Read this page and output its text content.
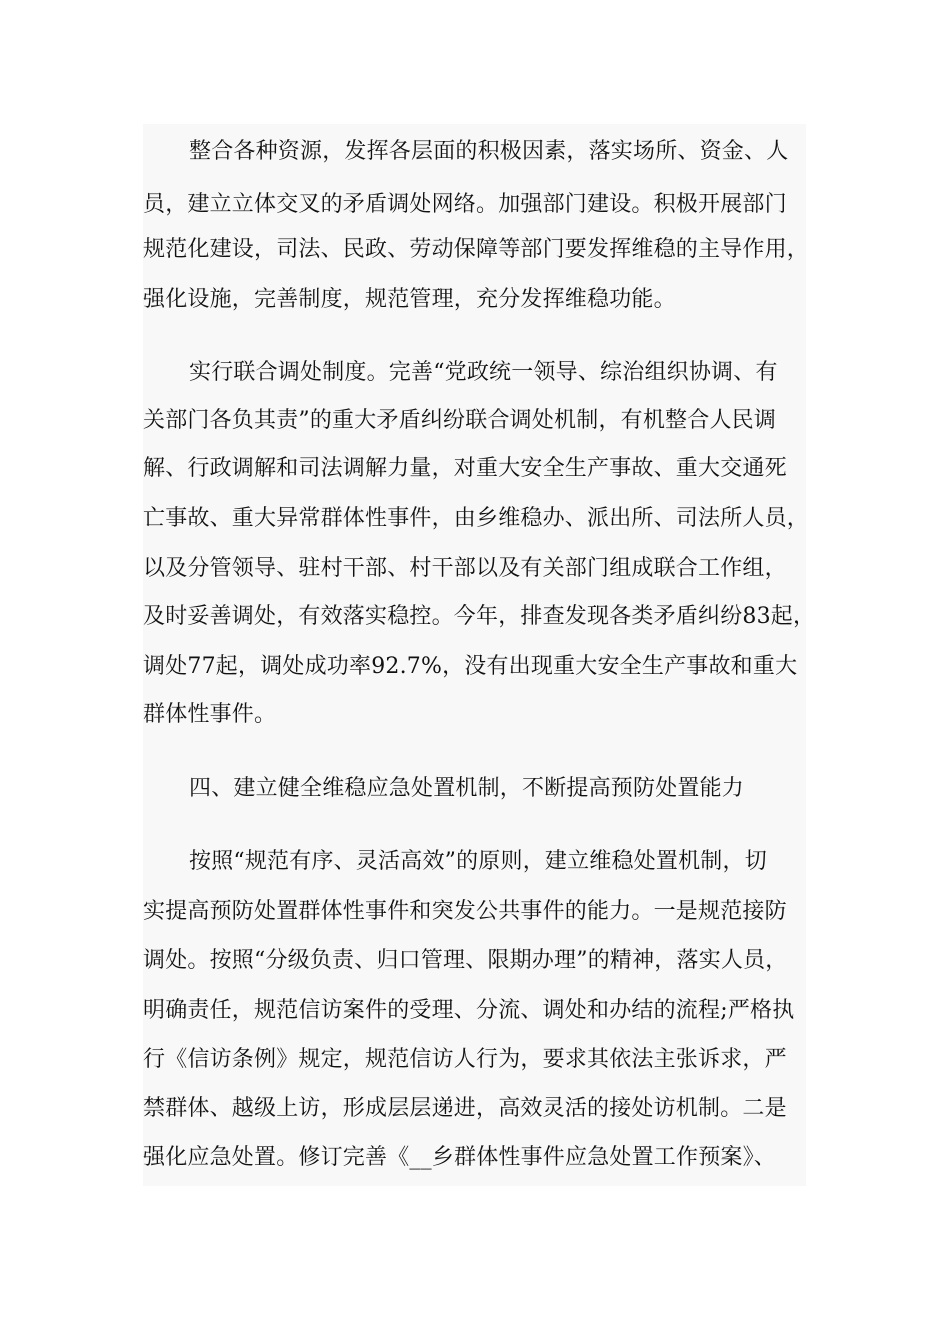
整合各种资源，发挥各层面的积极因素，落实场所、资金、人
员，建立立体交叉的矛盾调处网络。加强部门建设。积极开展部门
规范化建设，司法、民政、劳动保障等部门要发挥维稳的主导作用，
强化设施，完善制度，规范管理，充分发挥维稳功能。
实行联合调处制度。完善“党政统一领导、综治组织协调、有
关部门各负其责”的重大矛盾纠纷联合调处机制，有机整合人民调
解、行政调解和司法调解力量，对重大安全生产事故、重大交通死
亡事故、重大异常群体性事件，由乡维稳办、派出所、司法所人员，
以及分管领导、驻村干部、村干部以及有关部门组成联合工作组，
及时妥善调处，有效落实稳控。今年，排查发现各类矛盾纠纷83起，
调处77起，调处成功率92.7%，没有出现重大安全生产事故和重大
群体性事件。
四、建立健全维稳应急处置机制，不断提高预防处置能力
按照“规范有序、灵活高效”的原则，建立维稳处置机制，切
实提高预防处置群体性事件和突发公共事件的能力。一是规范接防
调处。按照“分级负责、归口管理、限期办理”的精神，落实人员，
明确责任，规范信访案件的受理、分流、调处和办结的流程;严格执
行《信访条例》规定，规范信访人行为，要求其依法主张诉求，严
禁群体、越级上访，形成层层递进，高效灵活的接处访机制。二是
强化应急处置。修订完善《__乡群体性事件应急处置工作预案》、
